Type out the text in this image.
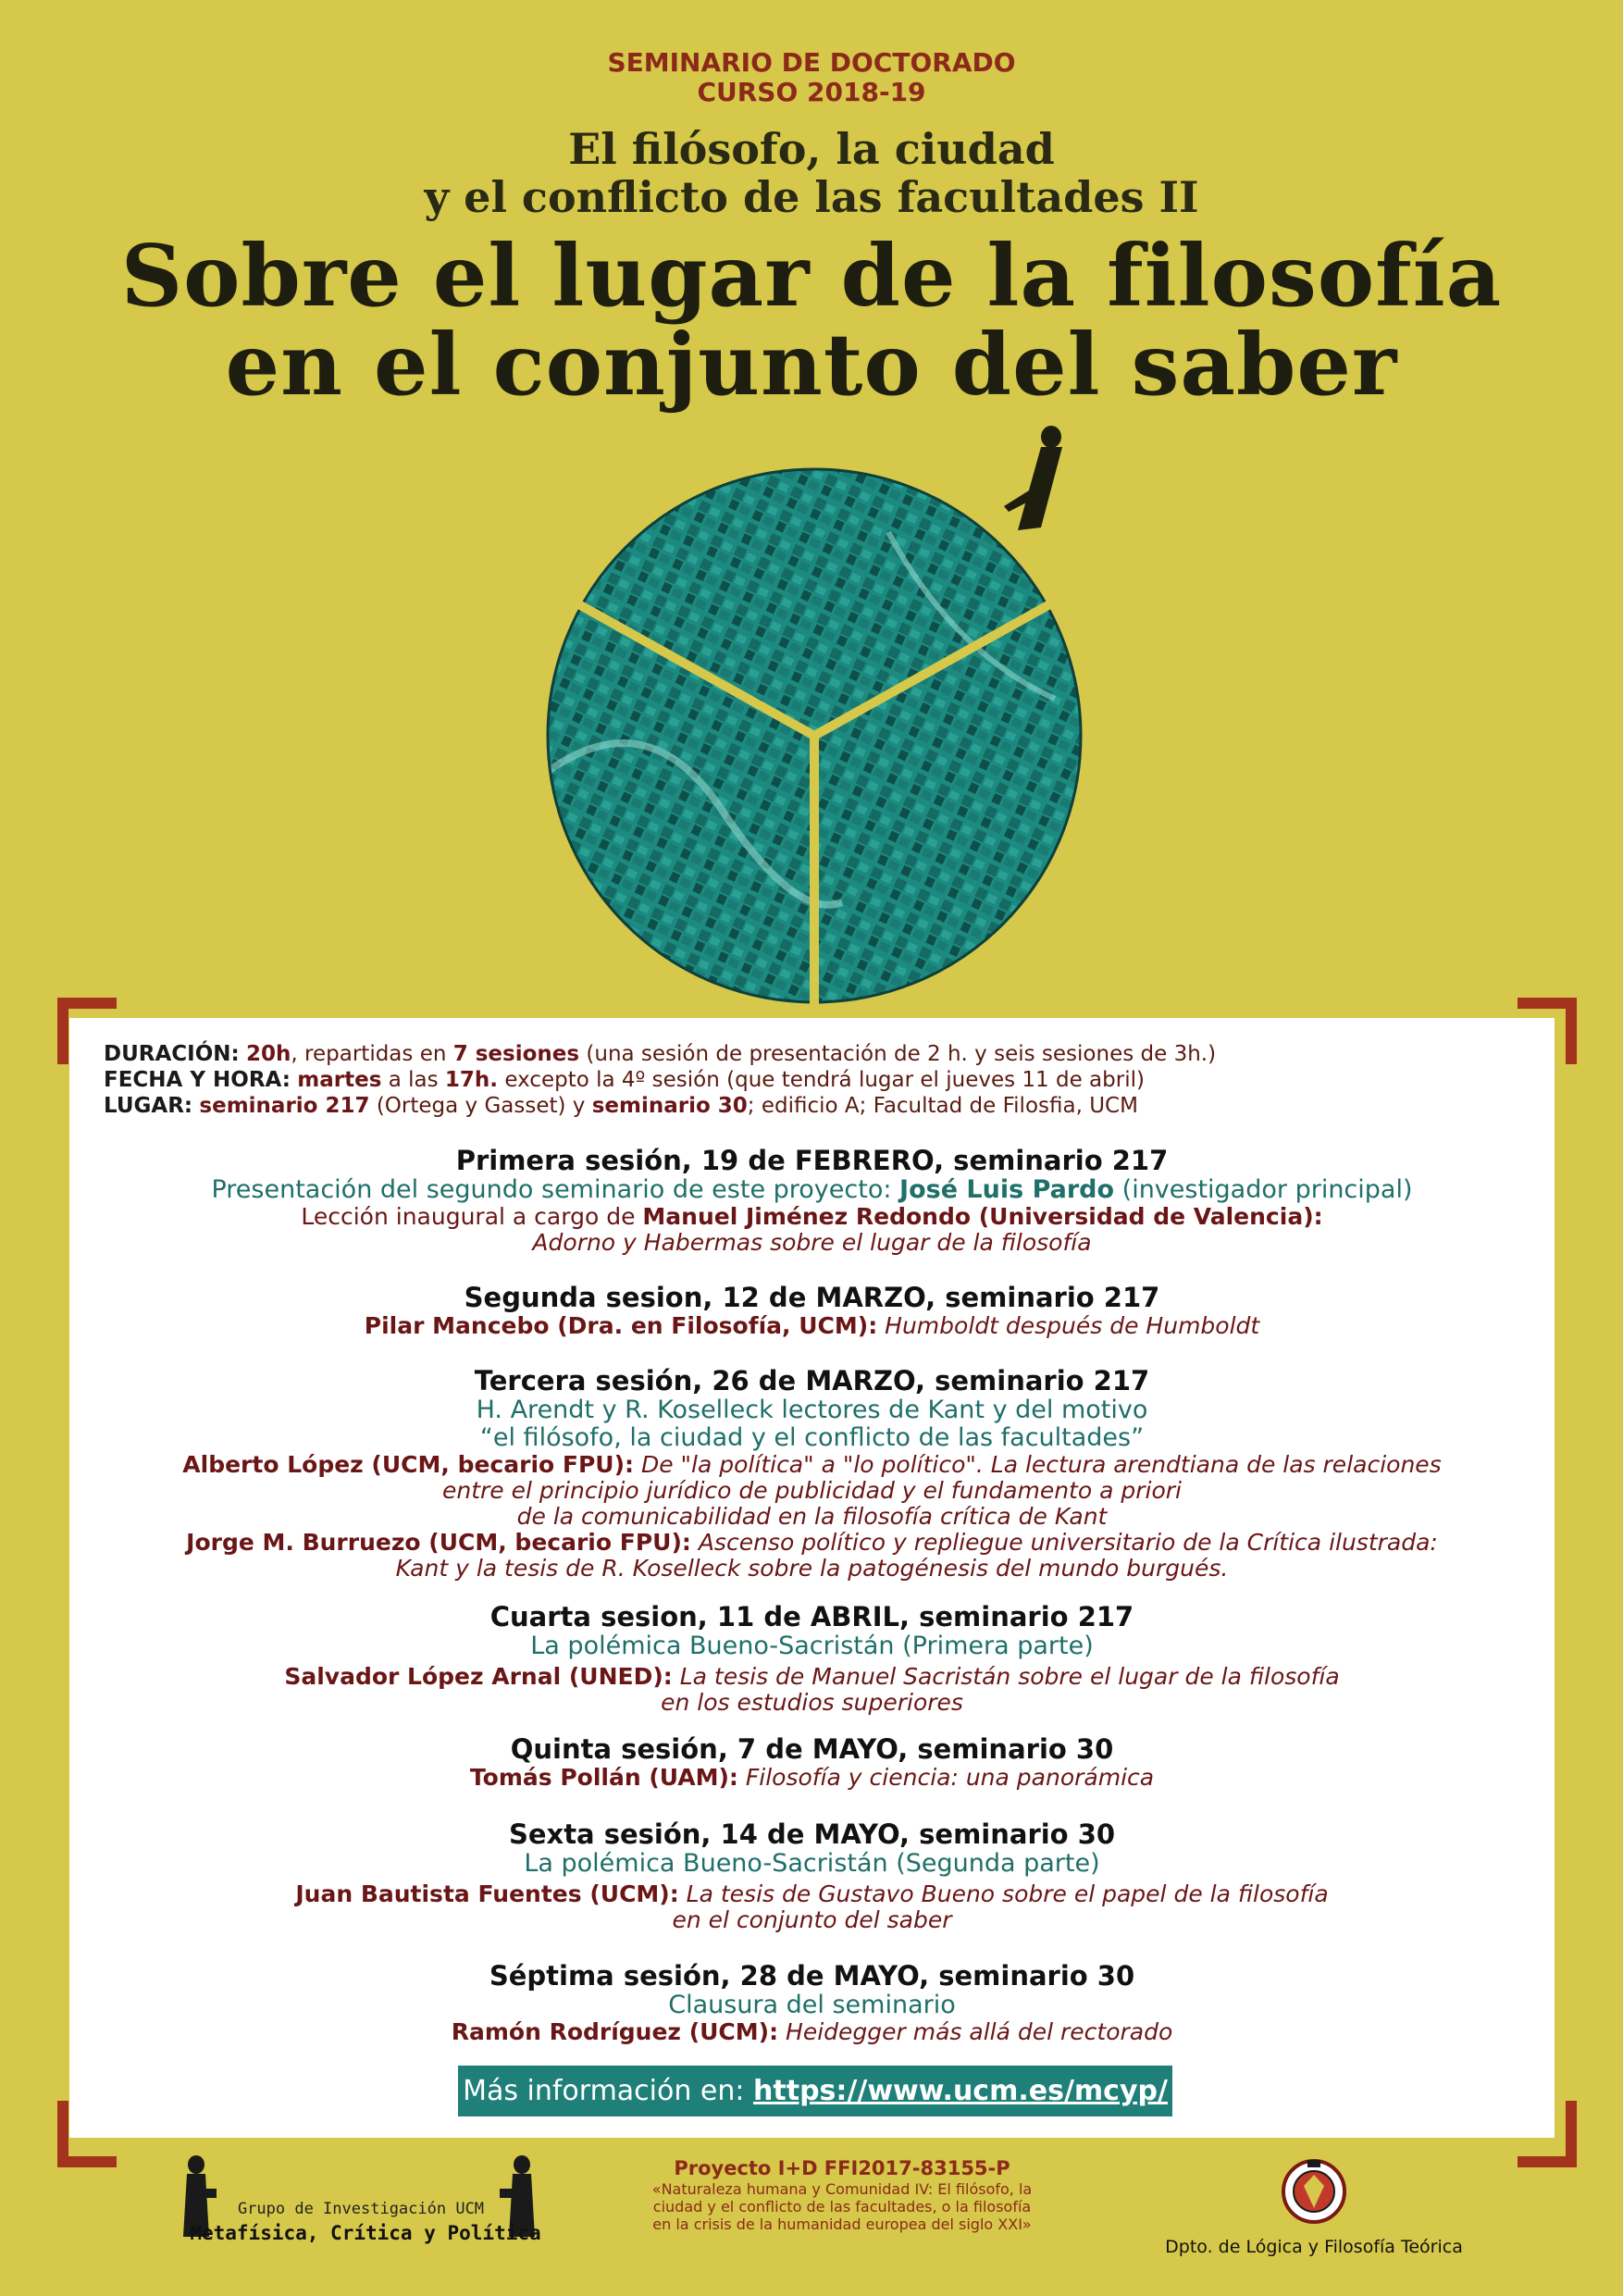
SEMINARIO DE DOCTORADO
CURSO 2018-19
El filósofo, la ciudad
y el conflicto de las facultades II
Sobre el lugar de la filosofía
en el conjunto del saber
DURACIÓN: 20h, repartidas en 7 sesiones (una sesión de presentación de 2 h. y seis sesiones de 3h.)
FECHA Y HORA: martes a las 17h. excepto la 4º sesión (que tendrá lugar el jueves 11 de abril)
LUGAR: seminario 217 (Ortega y Gasset) y seminario 30; edificio A; Facultad de Filosfia, UCM
Primera sesión, 19 de FEBRERO, seminario 217
Presentación del segundo seminario de este proyecto: José Luis Pardo (investigador principal)
Lección inaugural a cargo de Manuel Jiménez Redondo (Universidad de Valencia):
Adorno y Habermas sobre el lugar de la filosofía
Segunda sesion, 12 de MARZO, seminario 217
Pilar Mancebo (Dra. en Filosofía, UCM): Humboldt después de Humboldt
Tercera sesión, 26 de MARZO, seminario 217
H. Arendt y R. Koselleck lectores de Kant y del motivo
“el filósofo, la ciudad y el conflicto de las facultades”
Alberto López (UCM, becario FPU): De "la política" a "lo político". La lectura arendtiana de las relaciones
entre el principio jurídico de publicidad y el fundamento a priori
de la comunicabilidad en la filosofía crítica de Kant
Jorge M. Burruezo (UCM, becario FPU): Ascenso político y repliegue universitario de la Crítica ilustrada:
Kant y la tesis de R. Koselleck sobre la patogénesis del mundo burgués.
Cuarta sesion, 11 de ABRIL, seminario 217
La polémica Bueno-Sacristán (Primera parte)
Salvador López Arnal (UNED): La tesis de Manuel Sacristán sobre el lugar de la filosofía
en los estudios superiores
Quinta sesión, 7 de MAYO, seminario 30
Tomás Pollán (UAM): Filosofía y ciencia: una panorámica
Sexta sesión, 14 de MAYO, seminario 30
La polémica Bueno-Sacristán (Segunda parte)
Juan Bautista Fuentes (UCM): La tesis de Gustavo Bueno sobre el papel de la filosofía
en el conjunto del saber
Séptima sesión, 28 de MAYO, seminario 30
Clausura del seminario
Ramón Rodríguez (UCM): Heidegger más allá del rectorado
Más información en: https://www.ucm.es/mcyp/
Grupo de Investigación UCM
Metafísica, Crítica y Política
Proyecto I+D FFI2017-83155-P
«Naturaleza humana y Comunidad IV: El filósofo, la
ciudad y el conflicto de las facultades, o la filosofía
en la crisis de la humanidad europea del siglo XXI»
Dpto. de Lógica y Filosofía Teórica
